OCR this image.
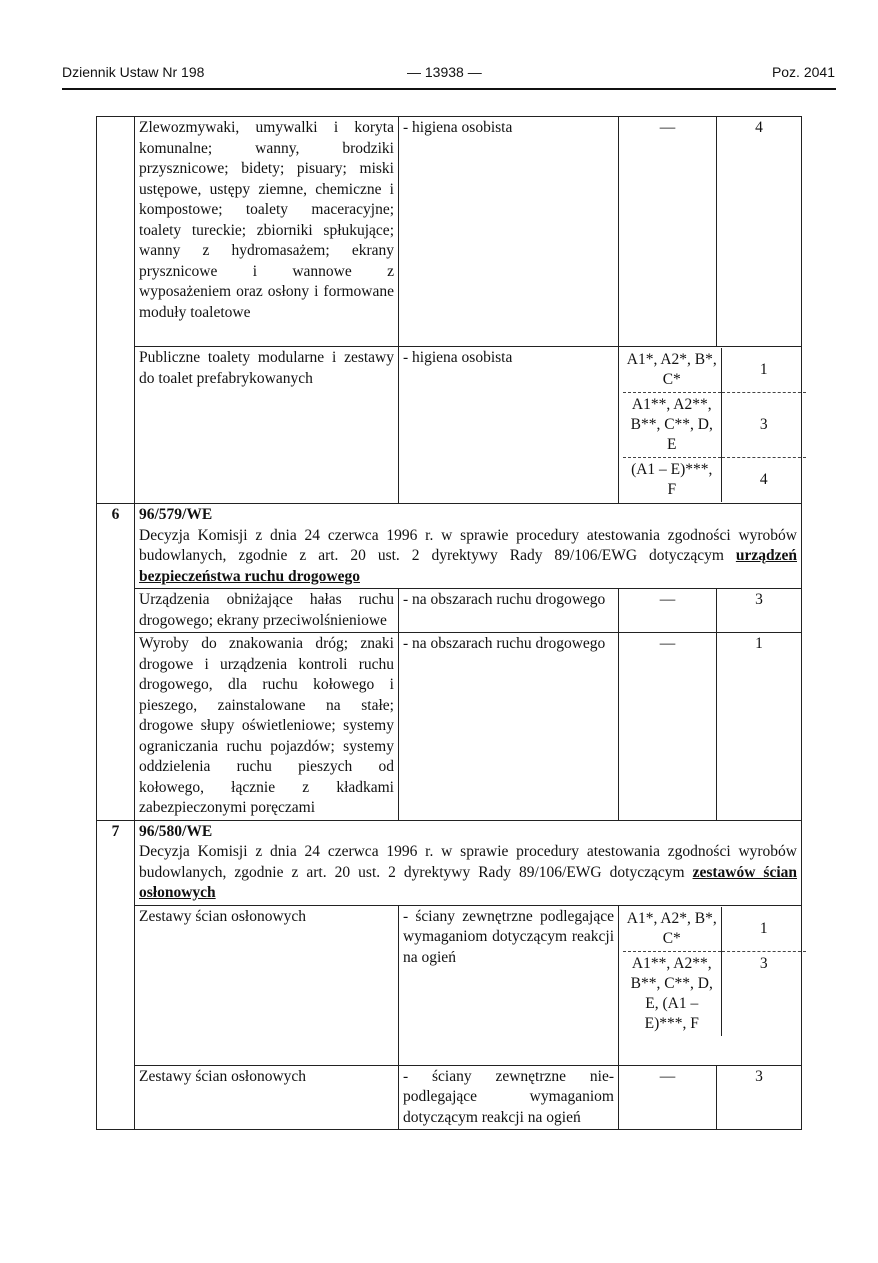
Dziennik Ustaw Nr 198	— 13938 —	Poz. 2041
	Zlewozmywaki, umywalki i koryta komunalne; wanny, brodziki przysznicowe; bidety; pisuary; miski ustępowe, ustępy ziemne, chemiczne i kompostowe; toalety maceracyjne; toalety tureckie; zbiorniki spłukujące; wanny z hydromasażem; ekrany prysznicowe i wannowe z wyposażeniem oraz osłony i formowane moduły toaletowe	- higiena osobista	—	4
Publiczne toalety modularne i zestawy do toalet prefabrykowanych	- higiena osobista		A1*, A2*, B*, C*	1
A1**, A2**, B**, C**, D, E	3
(A1 – E)***, F	4

6	96/579/WE
Decyzja Komisji z dnia 24 czerwca 1996 r. w sprawie procedury atestowania zgodności wyrobów budowlanych, zgodnie z art. 20 ust. 2 dyrektywy Rady 89/106/EWG dotyczącym urządzeń bezpieczeństwa ruchu drogowego
Urządzenia obniżające hałas ruchu drogowego; ekrany przeciwolśnieniowe	- na obszarach ruchu drogowego	—	3
Wyroby do znakowania dróg; znaki drogowe i urządzenia kontroli ruchu drogowego, dla ruchu kołowego i pieszego, zainstalowane na stałe; drogowe słupy oświetleniowe; systemy ograniczania ruchu pojazdów; systemy oddzielenia ruchu pieszych od kołowego, łącznie z kładkami zabezpieczonymi poręczami	- na obszarach ruchu drogowego	—	1
7	96/580/WE
Decyzja Komisji z dnia 24 czerwca 1996 r. w sprawie procedury atestowania zgodności wyrobów budowlanych, zgodnie z art. 20 ust. 2 dyrektywy Rady 89/106/EWG dotyczącym zestawów ścian osłonowych
Zestawy ścian osłonowych	- ściany zewnętrzne podlegające wymaganiom dotyczącym reakcji na ogień	
A1*, A2*, B*, C*	1
A1**, A2**, B**, C**, D, E, (A1 – E)***, F	3

Zestawy ścian osłonowych	- ściany zewnętrzne nie-podlegające wymaganiom dotyczącym reakcji na ogień	—	3
